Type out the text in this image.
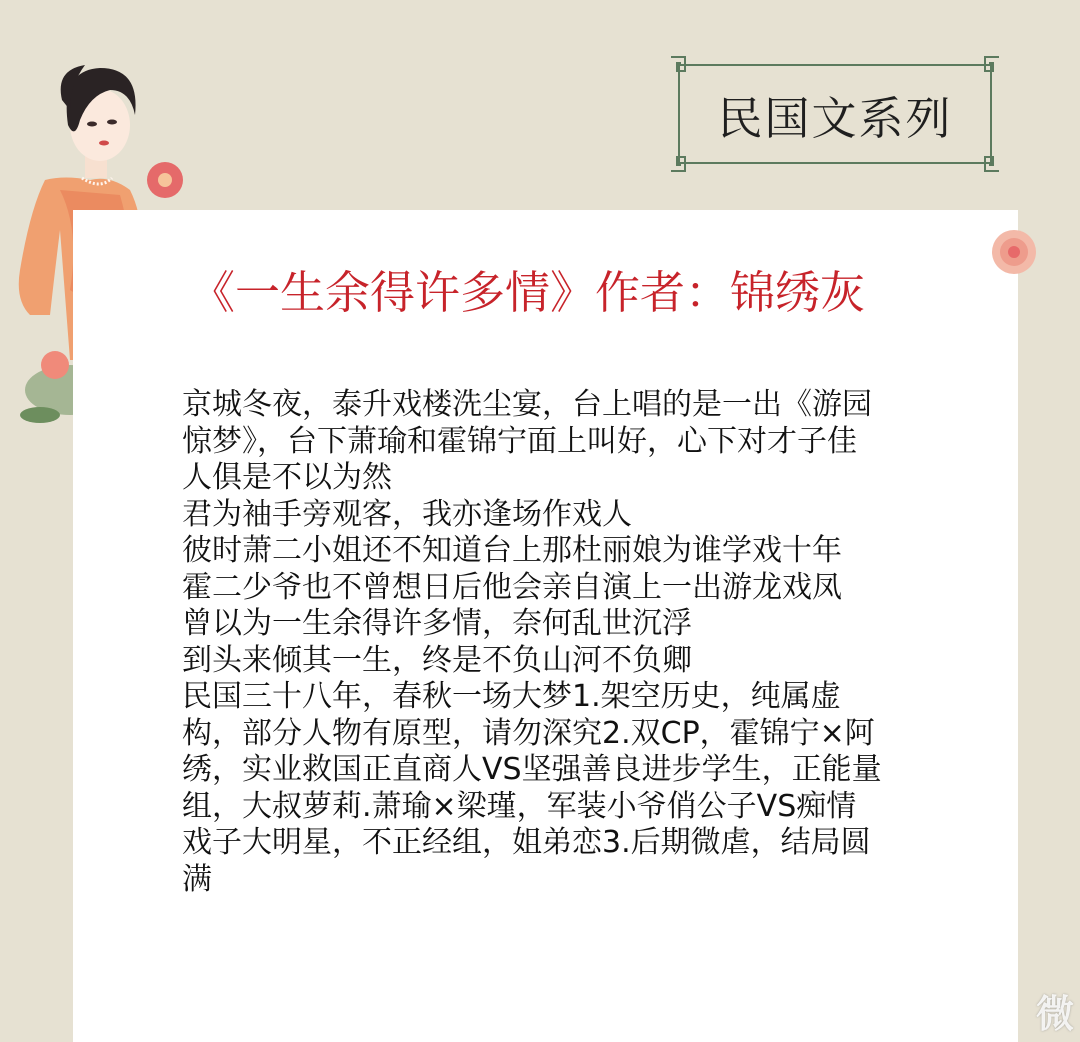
民国文系列
《一生余得许多情》作者：锦绣灰
京城冬夜，泰升戏楼洗尘宴，台上唱的是一出《游园
惊梦》，台下萧瑜和霍锦宁面上叫好，心下对才子佳
人俱是不以为然
君为袖手旁观客，我亦逢场作戏人
彼时萧二小姐还不知道台上那杜丽娘为谁学戏十年
霍二少爷也不曾想日后他会亲自演上一出游龙戏凤
曾以为一生余得许多情，奈何乱世沉浮
到头来倾其一生，终是不负山河不负卿
民国三十八年，春秋一场大梦1.架空历史，纯属虚
构，部分人物有原型，请勿深究2.双CP，霍锦宁×阿
绣，实业救国正直商人VS坚强善良进步学生，正能量
组，大叔萝莉.萧瑜×梁瑾，军装小爷俏公子VS痴情
戏子大明星，不正经组，姐弟恋3.后期微虐，结局圆
满
微
